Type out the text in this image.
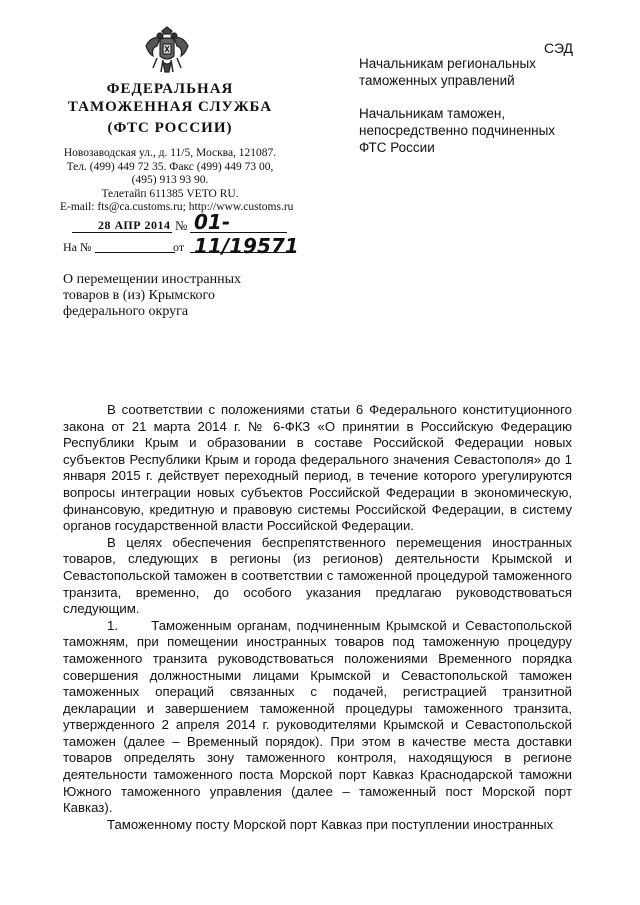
ФЕДЕРАЛЬНАЯ
ТАМОЖЕННАЯ СЛУЖБА
(ФТС РОССИИ)
Новозаводская ул., д. 11/5, Москва, 121087.
Тел. (499) 449 72 35. Факс (499) 449 73 00,
(495) 913 93 90.
Телетайп 611385 VETO RU.
E-mail: fts@ca.customs.ru; http://www.customs.ru
28 АПР 2014 № 01-11/19571
На №	от
О перемещении иностранных
товаров в (из) Крымского
федерального округа
СЭД
Начальникам региональных
таможенных управлений
Начальникам таможен,
непосредственно подчиненных
ФТС России

В соответствии с положениями статьи 6 Федерального конституционного закона от 21 марта 2014 г. № 6-ФКЗ «О принятии в Российскую Федерацию Республики Крым и образовании в составе Российской Федерации новых субъектов Республики Крым и города федерального значения Севастополя» до 1 января 2015 г. действует переходный период, в течение которого урегулируются вопросы интеграции новых субъектов Российской Федерации в экономическую, финансовую, кредитную и правовую системы Российской Федерации, в систему органов государственной власти Российской Федерации.

В целях обеспечения беспрепятственного перемещения иностранных товаров, следующих в регионы (из регионов) деятельности Крымской и Севастопольской таможен в соответствии с таможенной процедурой таможенного транзита, временно, до особого указания предлагаю руководствоваться следующим.

1.      Таможенным органам, подчиненным Крымской и Севастопольской таможням, при помещении иностранных товаров под таможенную процедуру таможенного транзита руководствоваться положениями Временного порядка совершения должностными лицами Крымской и Севастопольской таможен таможенных операций связанных с подачей, регистрацией транзитной декларации и завершением таможенной процедуры таможенного транзита, утвержденного 2 апреля 2014 г. руководителями Крымской и Севастопольской таможен (далее – Временный порядок). При этом в качестве места доставки товаров определять зону таможенного контроля, находящуюся в регионе деятельности таможенного поста Морской порт Кавказ Краснодарской таможни Южного таможенного управления (далее – таможенный пост Морской порт Кавказ).

Таможенному посту Морской порт Кавказ при поступлении иностранных
